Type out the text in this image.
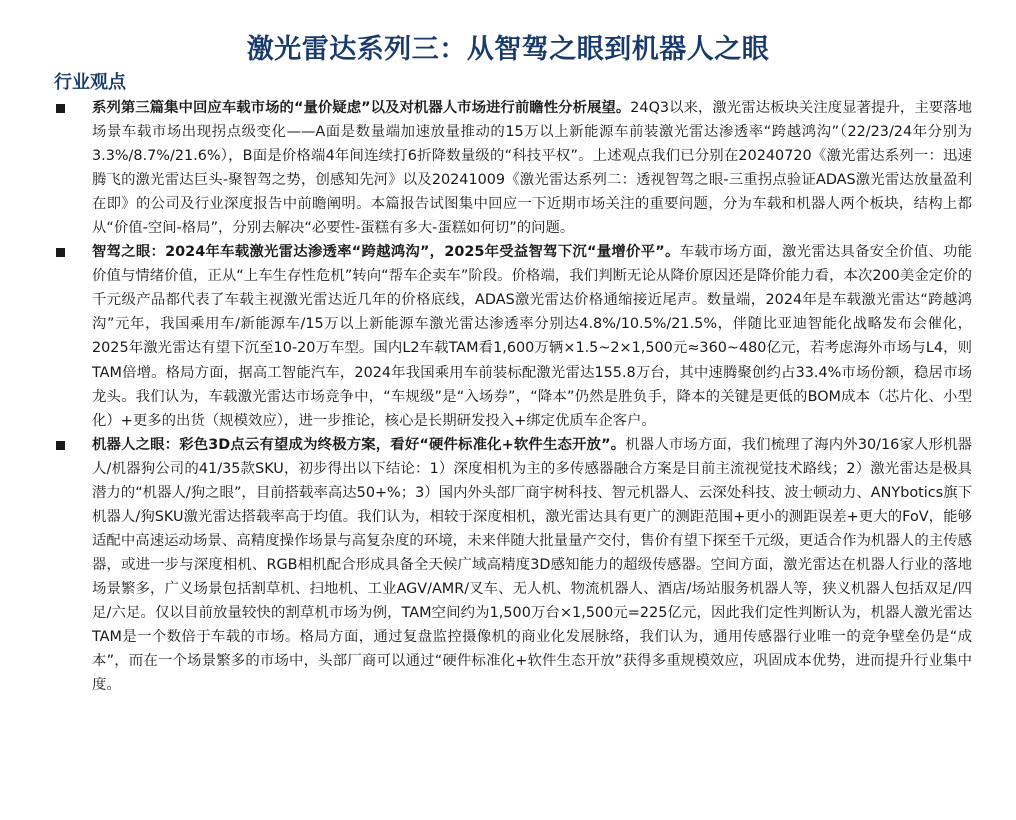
激光雷达系列三：从智驾之眼到机器人之眼
行业观点

系列第三篇集中回应车载市场的“量价疑虑”以及对机器人市场进行前瞻性分析展望。24Q3以来，激光雷达板块关注度显著提升，主要落地场景车载市场出现拐点级变化——A面是数量端加速放量推动的15万以上新能源车前装激光雷达渗透率“跨越鸿沟”（22/23/24年分别为3.3%/8.7%/21.6%），B面是价格端4年间连续打6折降数量级的“科技平权”。上述观点我们已分别在20240720《激光雷达系列一：迅速腾飞的激光雷达巨头-聚智驾之势，创感知先河》以及20241009《激光雷达系列二：透视智驾之眼-三重拐点验证ADAS激光雷达放量盈利在即》的公司及行业深度报告中前瞻阐明。本篇报告试图集中回应一下近期市场关注的重要问题，分为车载和机器人两个板块，结构上都从“价值-空间-格局”，分别去解决“必要性-蛋糕有多大-蛋糕如何切”的问题。

智驾之眼：2024年车载激光雷达渗透率“跨越鸿沟”，2025年受益智驾下沉“量增价平”。车载市场方面，激光雷达具备安全价值、功能价值与情绪价值，正从“上车生存性危机”转向“帮车企卖车”阶段。价格端，我们判断无论从降价原因还是降价能力看，本次200美金定价的千元级产品都代表了车载主视激光雷达近几年的价格底线，ADAS激光雷达价格通缩接近尾声。数量端，2024年是车载激光雷达“跨越鸿沟”元年，我国乘用车/新能源车/15万以上新能源车激光雷达渗透率分别达4.8%/10.5%/21.5%，伴随比亚迪智能化战略发布会催化，2025年激光雷达有望下沉至10-20万车型。国内L2车载TAM看1,600万辆×1.5~2×1,500元≈360~480亿元，若考虑海外市场与L4，则TAM倍增。格局方面，据高工智能汽车，2024年我国乘用车前装标配激光雷达155.8万台，其中速腾聚创约占33.4%市场份额，稳居市场龙头。我们认为，车载激光雷达市场竞争中，“车规级”是“入场券”，“降本”仍然是胜负手，降本的关键是更低的BOM成本（芯片化、小型化）+更多的出货（规模效应），进一步推论，核心是长期研发投入+绑定优质车企客户。

机器人之眼：彩色3D点云有望成为终极方案，看好“硬件标准化+软件生态开放”。机器人市场方面，我们梳理了海内外30/16家人形机器人/机器狗公司的41/35款SKU，初步得出以下结论：1）深度相机为主的多传感器融合方案是目前主流视觉技术路线；2）激光雷达是极具潜力的“机器人/狗之眼”，目前搭载率高达50+%；3）国内外头部厂商宇树科技、智元机器人、云深处科技、波士顿动力、ANYbotics旗下机器人/狗SKU激光雷达搭载率高于均值。我们认为，相较于深度相机，激光雷达具有更广的测距范围+更小的测距误差+更大的FoV，能够适配中高速运动场景、高精度操作场景与高复杂度的环境，未来伴随大批量量产交付，售价有望下探至千元级，更适合作为机器人的主传感器，或进一步与深度相机、RGB相机配合形成具备全天候广域高精度3D感知能力的超级传感器。空间方面，激光雷达在机器人行业的落地场景繁多，广义场景包括割草机、扫地机、工业AGV/AMR/叉车、无人机、物流机器人、酒店/场站服务机器人等，狭义机器人包括双足/四足/六足。仅以目前放量较快的割草机市场为例，TAM空间约为1,500万台×1,500元=225亿元，因此我们定性判断认为，机器人激光雷达TAM是一个数倍于车载的市场。格局方面，通过复盘监控摄像机的商业化发展脉络，我们认为，通用传感器行业唯一的竞争壁垒仍是“成本”，而在一个场景繁多的市场中，头部厂商可以通过“硬件标准化+软件生态开放”获得多重规模效应，巩固成本优势，进而提升行业集中度。
